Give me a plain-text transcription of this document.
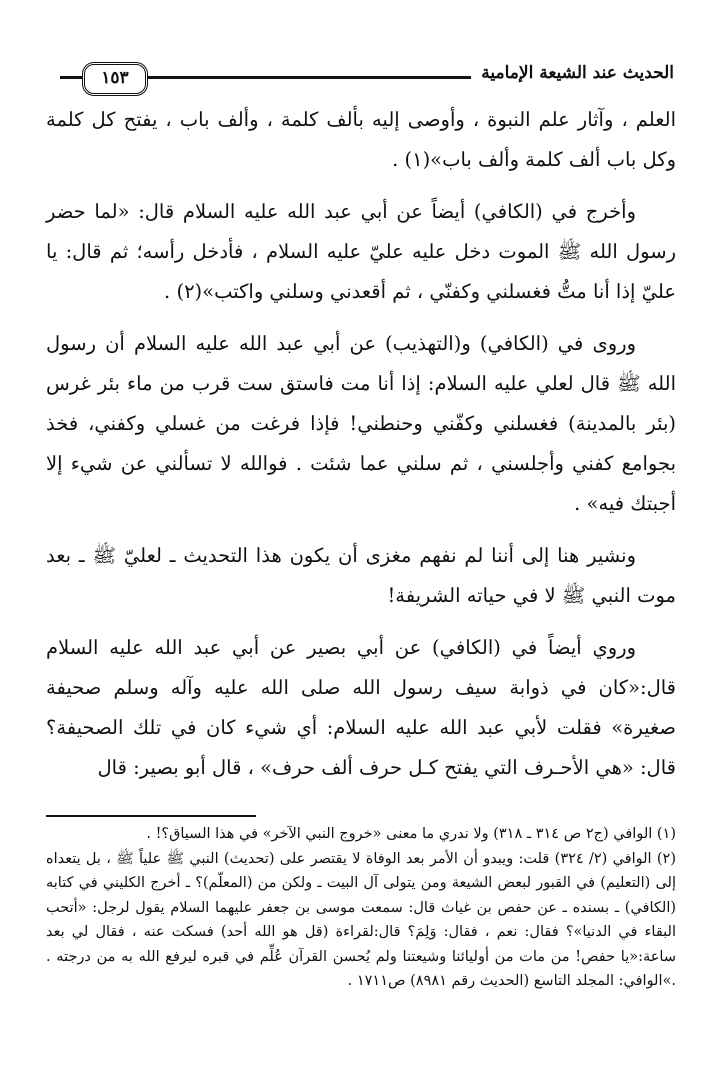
الحديث عند الشيعة الإمامية
١٥٣

العلم ، وآثار علم النبوة ، وأوصى إليه بألف كلمة ، وألف باب ، يفتح كل كلمة وكل باب ألف كلمة وألف باب»(١) .

وأخرج في (الكافي) أيضاً عن أبي عبد الله عليه السلام قال: «لما حضر رسول الله ﷺ الموت دخل عليه عليّ عليه السلام ، فأدخل رأسه؛ ثم قال: يا عليّ إذا أنا متُّ فغسلني وكفنّي ، ثم أقعدني وسلني واكتب»(٢) .

وروى في (الكافي) و(التهذيب) عن أبي عبد الله عليه السلام أن رسول الله ﷺ قال لعلي عليه السلام: إذا أنا مت فاستق ست قرب من ماء بئر غرس (بئر بالمدينة) فغسلني وكفّني وحنطني! فإذا فرغت من غسلي وكفني، فخذ بجوامع كفني وأجلسني ، ثم سلني عما شئت . فوالله لا تسألني عن شيء إلا أجبتك فيه» .

ونشير هنا إلى أننا لم نفهم مغزى أن يكون هذا التحديث ـ لعليّ ﷺ ـ بعد موت النبي ﷺ لا في حياته الشريفة!

وروي أيضاً في (الكافي) عن أبي بصير عن أبي عبد الله عليه السلام قال:«كان في ذوابة سيف رسول الله صلى الله عليه وآله وسلم صحيفة صغيرة» فقلت لأبي عبد الله عليه السلام: أي شيء كان في تلك الصحيفة؟ قال: «هي الأحـرف التي يفتح كـل حرف ألف حرف» ، قال أبو بصير: قال

(١) الوافي (ج٢ ص ٣١٤ ـ ٣١٨) ولا ندري ما معنى «خروج النبي الآخر» في هذا السياق؟! .

(٢) الوافي (٢/ ٣٢٤) قلت: ويبدو أن الأمر بعد الوفاة لا يقتصر على (تحديث) النبي ﷺ علياً ﷺ ، بل يتعداه إلى (التعليم) في القبور لبعض الشيعة ومن يتولى آل البيت ـ ولكن من (المعلّم)؟ ـ أخرج الكليني في كتابه (الكافي) ـ بسنده ـ عن حفص بن غياث قال: سمعت موسى بن جعفر عليهما السلام يقول لرجل: «أتحب البقاء في الدنيا»؟ فقال: نعم ، فقال: وَلِمَ؟ قال:لقراءة (قل هو الله أحد) فسكت عنه ، فقال لي بعد ساعة:«يا حفص! من مات من أوليائنا وشيعتنا ولم يُحسن القرآن عُلِّم في قبره ليرفع الله به من درجته . .»الوافي: المجلد التاسع (الحديث رقم ٨٩٨١) ص١٧١١ .
